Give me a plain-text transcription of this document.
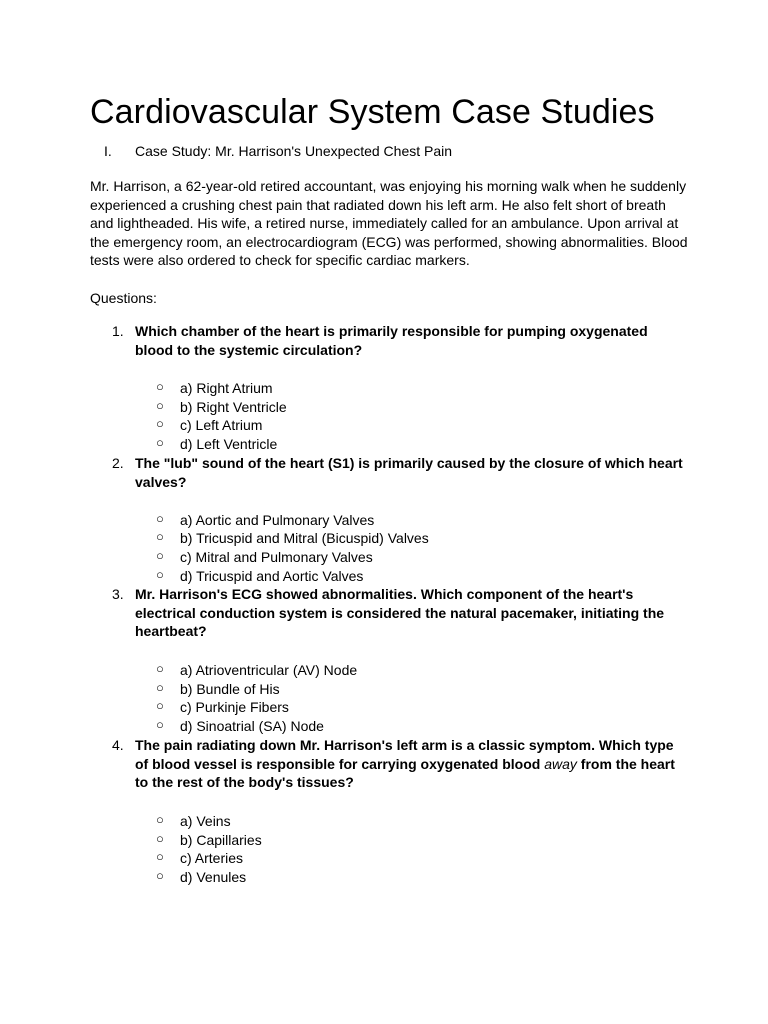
Cardiovascular System Case Studies
I. Case Study: Mr. Harrison's Unexpected Chest Pain

Mr. Harrison, a 62-year-old retired accountant, was enjoying his morning walk when he suddenly experienced a crushing chest pain that radiated down his left arm. He also felt short of breath and lightheaded. His wife, a retired nurse, immediately called for an ambulance. Upon arrival at the emergency room, an electrocardiogram (ECG) was performed, showing abnormalities. Blood tests were also ordered to check for specific cardiac markers.

Questions:
1. Which chamber of the heart is primarily responsible for pumping oxygenated blood to the systemic circulation?

○ a) Right Atrium
○ b) Right Ventricle
○ c) Left Atrium
○ d) Left Ventricle
2. The "lub" sound of the heart (S1) is primarily caused by the closure of which heart valves?

○ a) Aortic and Pulmonary Valves
○ b) Tricuspid and Mitral (Bicuspid) Valves
○ c) Mitral and Pulmonary Valves
○ d) Tricuspid and Aortic Valves
3. Mr. Harrison's ECG showed abnormalities. Which component of the heart's electrical conduction system is considered the natural pacemaker, initiating the heartbeat?

○ a) Atrioventricular (AV) Node
○ b) Bundle of His
○ c) Purkinje Fibers
○ d) Sinoatrial (SA) Node
4. The pain radiating down Mr. Harrison's left arm is a classic symptom. Which type of blood vessel is responsible for carrying oxygenated blood away from the heart to the rest of the body's tissues?

○ a) Veins
○ b) Capillaries
○ c) Arteries
○ d) Venules
